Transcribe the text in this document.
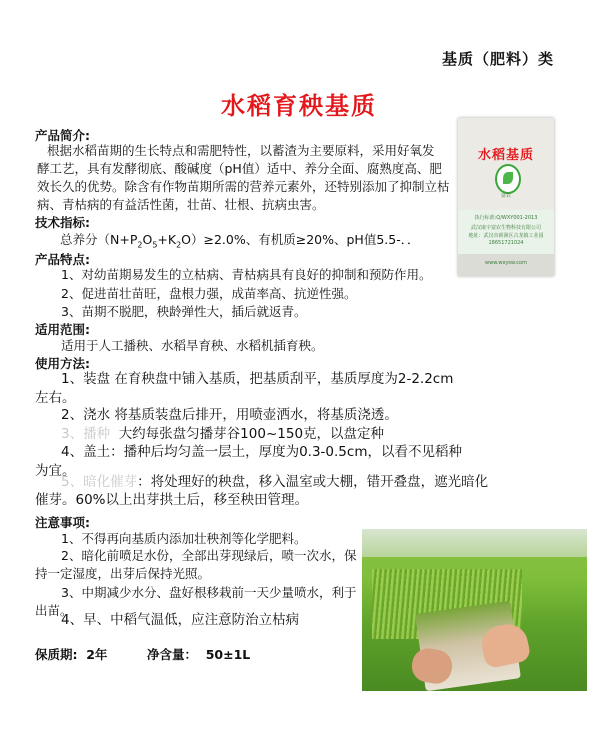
基质（肥料）类
水稻育秧基质
产品简介:
根据水稻苗期的生长特点和需肥特性，以蓄渣为主要原料，采用好氧发
酵工艺，具有发酵彻底、酸碱度（pH值）适中、养分全面、腐熟度高、肥
效长久的优势。除含有作物苗期所需的营养元素外，还特别添加了抑制立枯
病、青枯病的有益活性菌，壮苗、壮根、抗病虫害。
技术指标:
总养分$(N+P_2O_5+K_2O)\ge 2.0\%$、有机质≥20%、pH值5.5-．．
产品特点:
1、对幼苗期易发生的立枯病、青枯病具有良好的抑制和预防作用。
2、促进苗壮苗旺，盘根力强，成苗率高、抗逆性强。
3、苗期不脱肥，秧龄弹性大，插后就返青。
适用范围:
适用于人工播秧、水稻旱育秧、水稻机插育秧。
使用方法:
1、装盘 在育秧盘中铺入基质，把基质刮平，基质厚度为2-2.2cm
左右。
2、浇水 将基质装盘后排开，用喷壶洒水，将基质浇透。
3、播种 大约每张盘匀播芽谷100~150克，以盘定种
4、盖土：播种后均匀盖一层土，厚度为0.3-0.5cm，以看不见稻种
为宜。
5、暗化催芽：将处理好的秧盘，移入温室或大棚，错开叠盘，遮光暗化
催芽。60%以上出芽拱土后，移至秧田管理。
注意事项:
1、不得再向基质内添加壮秧剂等化学肥料。
2、暗化前喷足水份，全部出芽现绿后，喷一次水，保
持一定湿度，出芽后保持光照。
3、中期减少水分、盘好根移栽前一天少量喷水，利于
出苗。
4、早、中稻气温低，应注意防治立枯病
保质期: 2年	净含量： 50±1L
水稻基质
富农
执行标准:Q/WXY001-2013
武汉康宇富农生物科技有限公司
地址：武汉市新洲区古龙镇工业园
18651721024
www.wxysw.com
